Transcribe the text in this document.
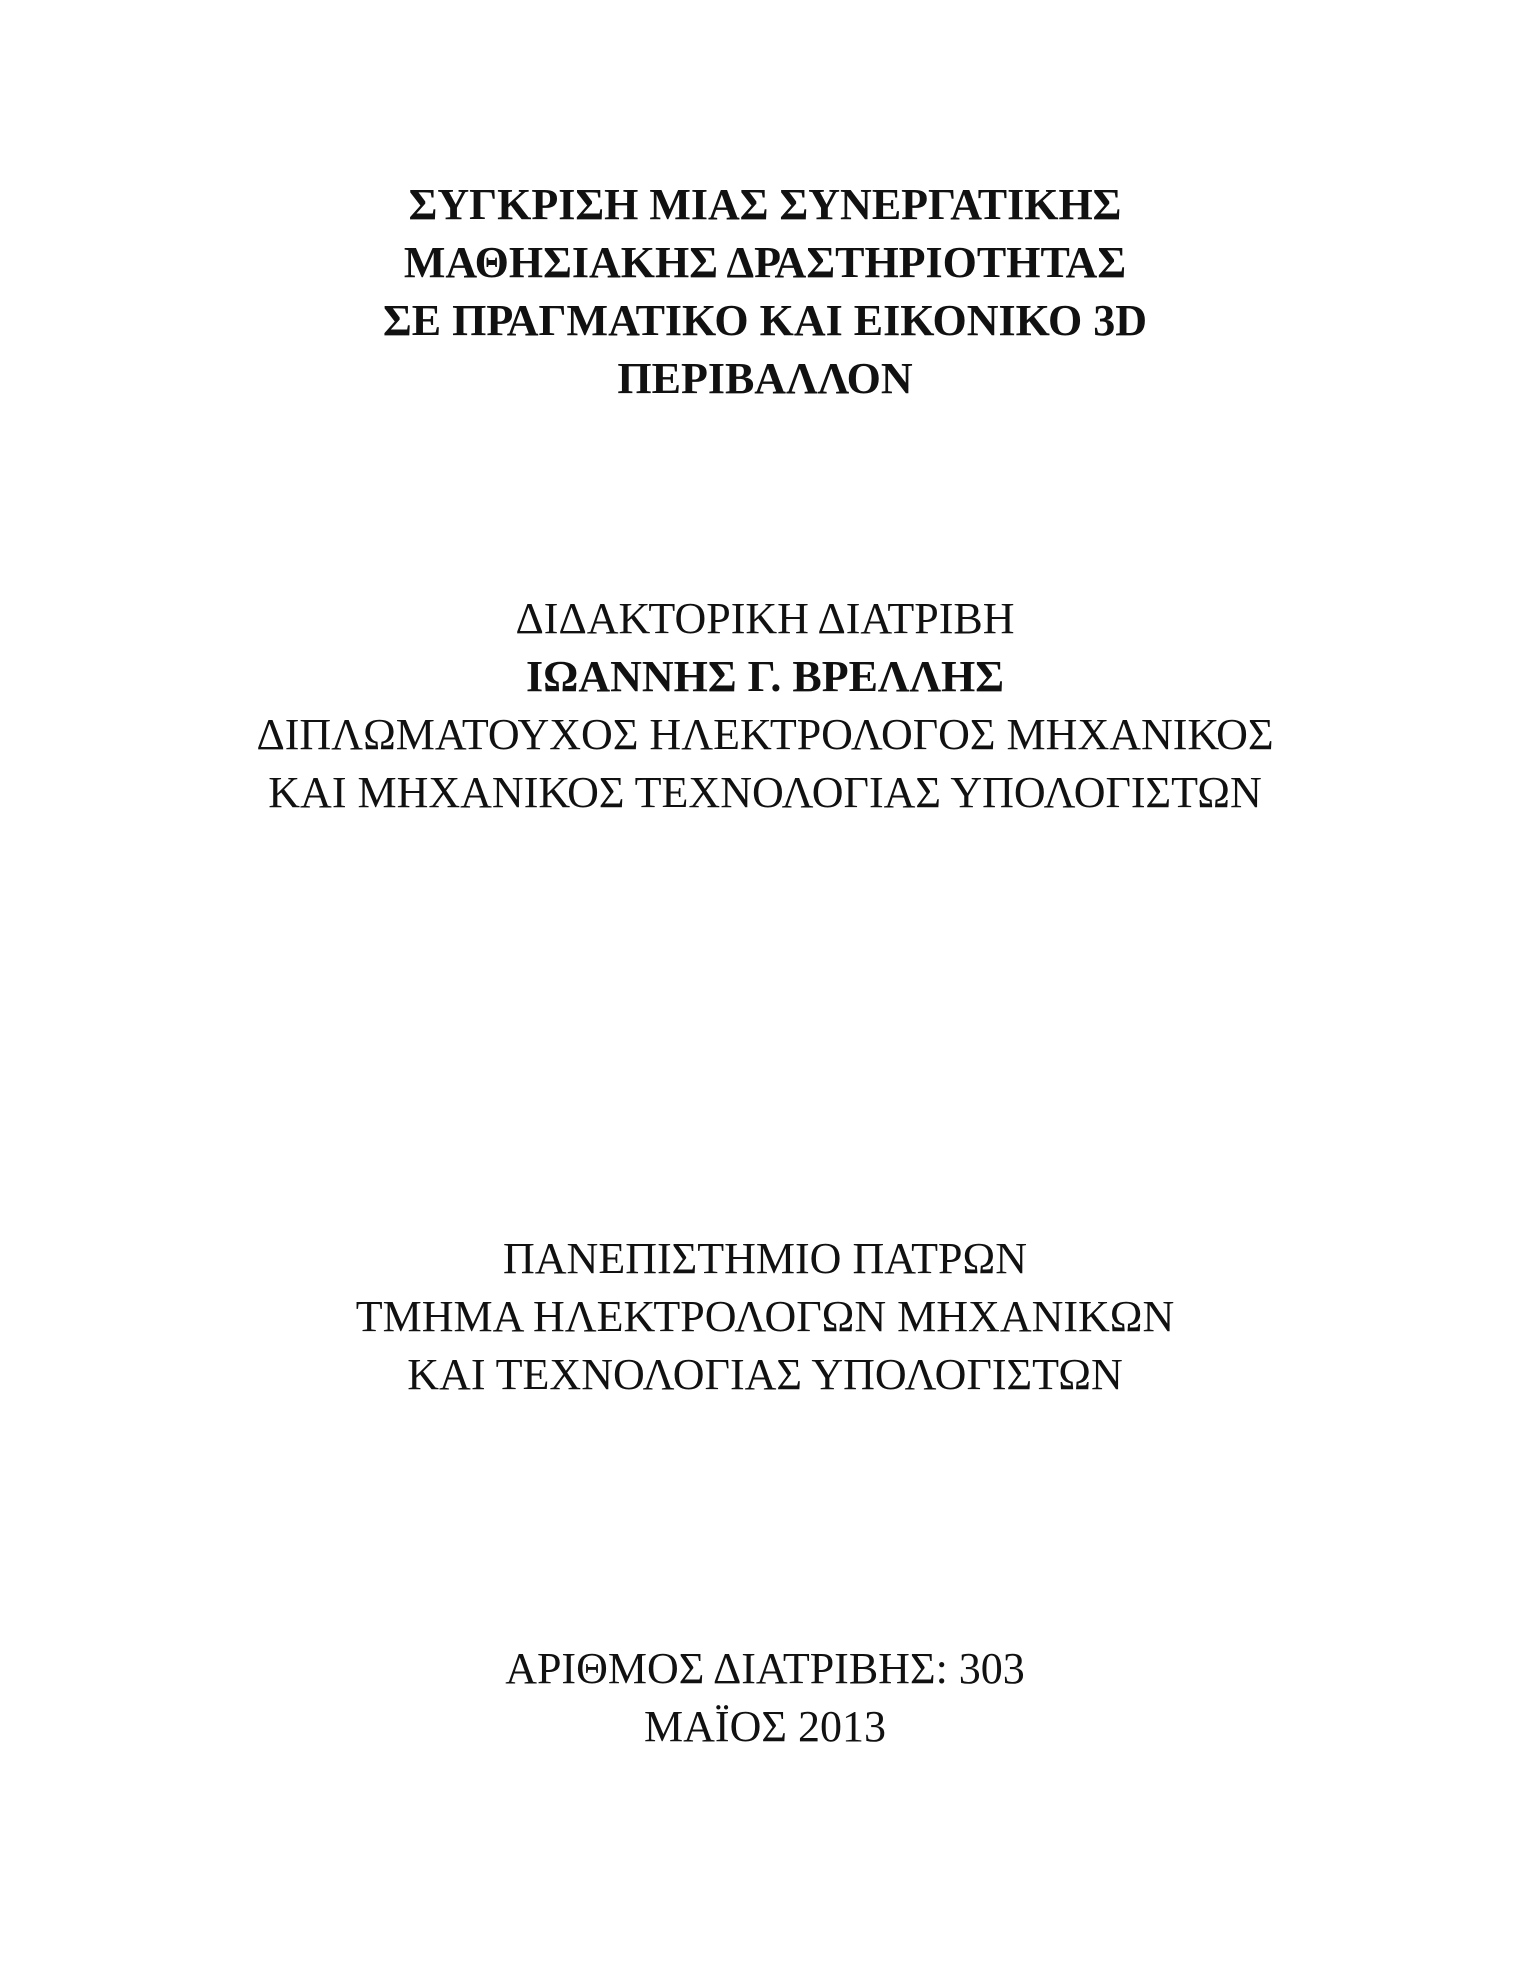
ΣΥΓΚΡΙΣΗ ΜΙΑΣ ΣΥΝΕΡΓΑΤΙΚΗΣ
ΜΑΘΗΣΙΑΚΗΣ ΔΡΑΣΤΗΡΙΟΤΗΤΑΣ
ΣΕ ΠΡΑΓΜΑΤΙΚΟ ΚΑΙ ΕΙΚΟΝΙΚΟ 3D
ΠΕΡΙΒΑΛΛΟΝ
ΔΙΔΑΚΤΟΡΙΚΗ ΔΙΑΤΡΙΒΗ
ΙΩΑΝΝΗΣ Γ. ΒΡΕΛΛΗΣ
ΔΙΠΛΩΜΑΤΟΥΧΟΣ ΗΛΕΚΤΡΟΛΟΓΟΣ ΜΗΧΑΝΙΚΟΣ
ΚΑΙ ΜΗΧΑΝΙΚΟΣ ΤΕΧΝΟΛΟΓΙΑΣ ΥΠΟΛΟΓΙΣΤΩΝ
ΠΑΝΕΠΙΣΤΗΜΙΟ ΠΑΤΡΩΝ
ΤΜΗΜΑ ΗΛΕΚΤΡΟΛΟΓΩΝ ΜΗΧΑΝΙΚΩΝ
ΚΑΙ ΤΕΧΝΟΛΟΓΙΑΣ ΥΠΟΛΟΓΙΣΤΩΝ
ΑΡΙΘΜΟΣ ΔΙΑΤΡΙΒΗΣ: 303
ΜΑΪΟΣ 2013
